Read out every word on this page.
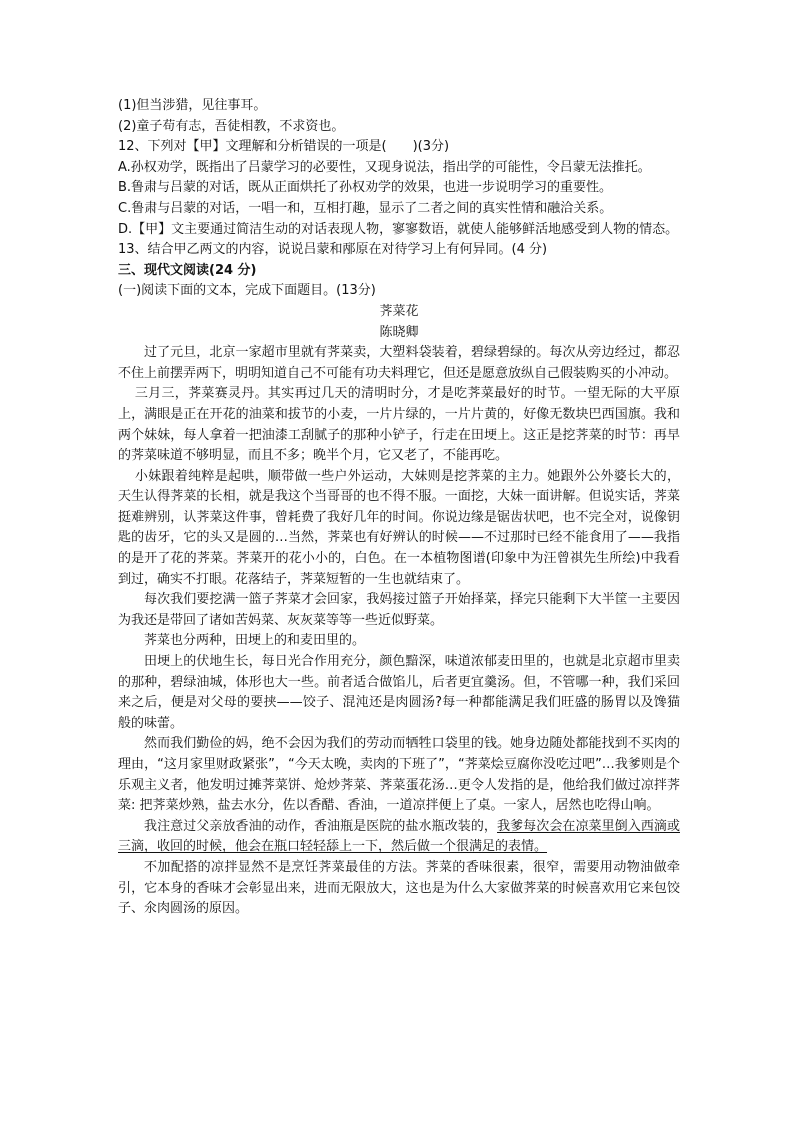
(1)但当涉猎，见往事耳。
(2)童子苟有志，吾徒相教，不求资也。
12、下列对【甲】文理解和分析错误的一项是(　　)(3分)
A.孙权劝学，既指出了吕蒙学习的必要性，又现身说法，指出学的可能性，令吕蒙无法推托。
B.鲁肃与吕蒙的对话，既从正面烘托了孙权劝学的效果，也进一步说明学习的重要性。
C.鲁肃与吕蒙的对话，一唱一和，互相打趣，显示了二者之间的真实性情和融洽关系。

D.【甲】文主要通过简洁生动的对话表现人物，寥寥数语，就使人能够鲜活地感受到人物的情态。

13、结合甲乙两文的内容，说说吕蒙和邴原在对待学习上有何异同。(4 分)
三、现代文阅读(24 分)
(一)阅读下面的文本，完成下面题目。(13分)
荠菜花
陈晓卿

过了元旦，北京一家超市里就有荠菜卖，大塑料袋装着，碧绿碧绿的。每次从旁边经过，都忍不住上前摆弄两下，明明知道自己不可能有功夫料理它，但还是愿意放纵自己假装购买的小冲动。

三月三，荠菜赛灵丹。其实再过几天的清明时分，才是吃荠菜最好的时节。一望无际的大平原上，满眼是正在开花的油菜和拔节的小麦，一片片绿的，一片片黄的，好像无数块巴西国旗。我和两个妹妹，每人拿着一把油漆工刮腻子的那种小铲子，行走在田埂上。这正是挖荠菜的时节：再早的荠菜味道不够明显，而且不多；晚半个月，它又老了，不能再吃。

小妹跟着纯粹是起哄，顺带做一些户外运动，大妹则是挖荠菜的主力。她跟外公外婆长大的，天生认得荠菜的长相，就是我这个当哥哥的也不得不服。一面挖，大妹一面讲解。但说实话，荠菜挺难辨别，认荠菜这件事，曾耗费了我好几年的时间。你说边缘是锯齿状吧，也不完全对，说像钥匙的齿牙，它的头又是圆的…当然，荠菜也有好辨认的时候——不过那时已经不能食用了——我指的是开了花的荠菜。荠菜开的花小小的，白色。在一本植物图谱(印象中为汪曾祺先生所绘)中我看到过，确实不打眼。花落结子，荠菜短暂的一生也就结束了。

每次我们要挖满一篮子荠菜才会回家，我妈接过篮子开始择菜，择完只能剩下大半筐一主要因为我还是带回了诸如苦妈菜、灰灰菜等等一些近似野菜。

荠菜也分两种，田埂上的和麦田里的。

田埂上的伏地生长，每日光合作用充分，颜色黯深，味道浓郁麦田里的，也就是北京超市里卖的那种，碧绿油城，体形也大一些。前者适合做馅儿，后者更宜羹汤。但，不管哪一种，我们采回来之后，便是对父母的要挟——饺子、混沌还是肉圆汤?每一种都能满足我们旺盛的肠胃以及馋猫般的味蕾。

然而我们勤俭的妈，绝不会因为我们的劳动而牺牲口袋里的钱。她身边随处都能找到不买肉的理由，“这月家里财政紧张”，“今天太晚，卖肉的下班了”，“荠菜烩豆腐你没吃过吧”…我爹则是个乐观主义者，他发明过摊荠菜饼、炝炒荠菜、荠菜蛋花汤…更令人发指的是，他给我们做过凉拌荠菜: 把荠菜炒熟，盐去水分，佐以香醋、香油，一道凉拌便上了桌。一家人，居然也吃得山响。

我注意过父亲放香油的动作，香油瓶是医院的盐水瓶改装的，我爹每次会在凉菜里倒入西滴或三滴，收回的时候，他会在瓶口轻轻舔上一下，然后做一个很满足的表情。

不加配搭的凉拌显然不是烹饪荠菜最佳的方法。荠菜的香味很素，很窄，需要用动物油做牵引，它本身的香味才会彰显出来，进而无限放大，这也是为什么大家做荠菜的时候喜欢用它来包饺子、氽肉圆汤的原因。
